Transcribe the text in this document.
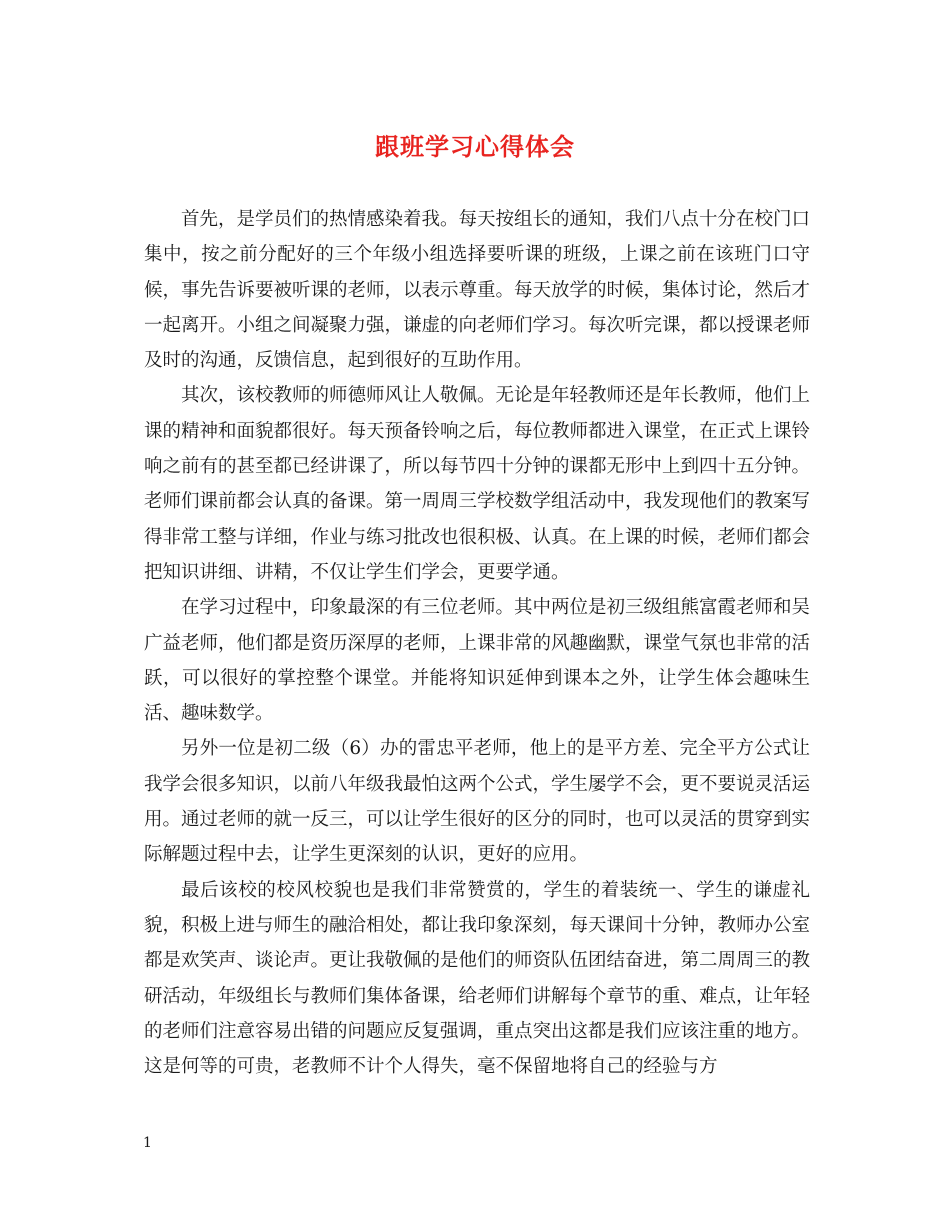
跟班学习心得体会

首先，是学员们的热情感染着我。每天按组长的通知，我们八点十分在校门口集中，按之前分配好的三个年级小组选择要听课的班级，上课之前在该班门口守候，事先告诉要被听课的老师，以表示尊重。每天放学的时候，集体讨论，然后才一起离开。小组之间凝聚力强，谦虚的向老师们学习。每次听完课，都以授课老师及时的沟通，反馈信息，起到很好的互助作用。

其次，该校教师的师德师风让人敬佩。无论是年轻教师还是年长教师，他们上课的精神和面貌都很好。每天预备铃响之后，每位教师都进入课堂，在正式上课铃响之前有的甚至都已经讲课了，所以每节四十分钟的课都无形中上到四十五分钟。老师们课前都会认真的备课。第一周周三学校数学组活动中，我发现他们的教案写得非常工整与详细，作业与练习批改也很积极、认真。在上课的时候，老师们都会把知识讲细、讲精，不仅让学生们学会，更要学通。

在学习过程中，印象最深的有三位老师。其中两位是初三级组熊富霞老师和吴广益老师，他们都是资历深厚的老师，上课非常的风趣幽默，课堂气氛也非常的活跃，可以很好的掌控整个课堂。并能将知识延伸到课本之外，让学生体会趣味生活、趣味数学。

另外一位是初二级（6）办的雷忠平老师，他上的是平方差、完全平方公式让我学会很多知识，以前八年级我最怕这两个公式，学生屡学不会，更不要说灵活运用。通过老师的就一反三，可以让学生很好的区分的同时，也可以灵活的贯穿到实际解题过程中去，让学生更深刻的认识，更好的应用。

最后该校的校风校貌也是我们非常赞赏的，学生的着装统一、学生的谦虚礼貌，积极上进与师生的融洽相处，都让我印象深刻，每天课间十分钟，教师办公室都是欢笑声、谈论声。更让我敬佩的是他们的师资队伍团结奋进，第二周周三的教研活动，年级组长与教师们集体备课，给老师们讲解每个章节的重、难点，让年轻的老师们注意容易出错的问题应反复强调，重点突出这都是我们应该注重的地方。这是何等的可贵，老教师不计个人得失，毫不保留地将自己的经验与方

1
